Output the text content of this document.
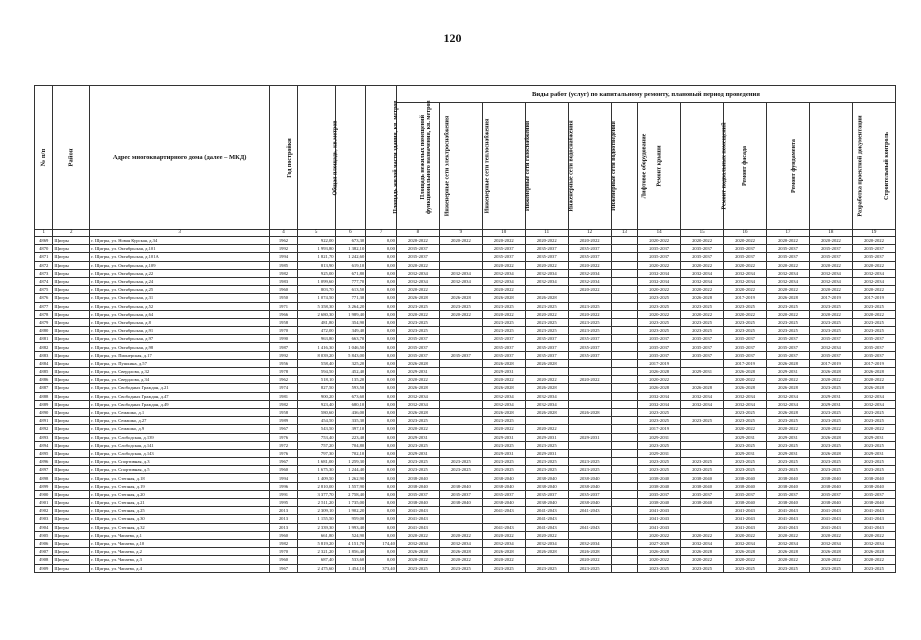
120
№ п/п	Район	Адрес многоквартирного дома (далее – МКД)	Год постройки	Общая площадь, кв.метров	Площадь жилой части здания, кв. метров	Площадь нежилых помещений функционального назначения, кв. метров	Виды работ (услуг) по капитальному ремонту, плановый период проведения											
							Инженерные сети электроснабжения	Инженерные сети теплоснабжения	Инженерные сети газоснабжения	Инженерные сети водоснабжения	Инженерные сети водоотведения	Лифтовое оборудование	Ремонт крыши	Ремонт подвальных помещений	Ремонт фасада	Ремонт фундамента	Разработка проектной документации	Строительный контроль
1	2	3	4	5	6	7	8	9	10	11	12	13	14	15	16	17	18	19
4869	Щигры	г. Щигры, ул. Новая Курская, д.34	1962	922,00	673,30	0,00	2020-2022	2020-2022	2020-2022	2020-2022	2020-2022		2020-2022	2020-2022	2020-2022	2020-2022	2020-2022	2020-2022
4870	Щигры	г. Щигры, ул. Октябрьская, д.101	1992	1 993,80	1 382,10	0,00	2035-2037		2035-2037	2035-2037	2035-2037		2035-2037	2035-2037	2035-2037	2035-2037	2035-2037	2035-2037
4871	Щигры	г. Щигры, ул. Октябрьская, д.101А	1994	1 821,70	1 242,60	0,00	2035-2037		2035-2037	2035-2037	2035-2037		2035-2037	2035-2037	2035-2037	2035-2037	2035-2037	2035-2037
4872	Щигры	г. Щигры, ул. Октябрьская, д.109	1985	813,90	619,10	0,00	2020-2022		2020-2022	2020-2022	2020-2022		2020-2022	2020-2022	2020-2022	2020-2022	2020-2022	2020-2022
4873	Щигры	г. Щигры, ул. Октябрьская, д.22	1982	925,00	671,80	0,00	2032-2034	2032-2034	2032-2034	2032-2034	2032-2034		2032-2034	2032-2034	2032-2034	2032-2034	2032-2034	2032-2034
4874	Щигры	г. Щигры, ул. Октябрьская, д.24	1983	1 099,60	777,70	0,00	2032-2034	2032-2034	2032-2034	2032-2034	2032-2034		2032-2034	2032-2034	2032-2034	2032-2034	2032-2034	2032-2034
4875	Щигры	г. Щигры, ул. Октябрьская, д.25	1960	803,70	613,50	0,00	2020-2022		2020-2022		2020-2022		2020-2022	2020-2022	2020-2022	2020-2022	2020-2022	2020-2022
4876	Щигры	г. Щигры, ул. Октябрьская, д.31	1950	1 074,50	771,30	0,00	2026-2028	2026-2028	2026-2028	2026-2028			2023-2025	2026-2028	2017-2019	2026-2028	2017-2019	2017-2019
4877	Щигры	г. Щигры, ул. Октябрьская, д.52	1971	5 358,30	3 264,20	0,00	2023-2025	2023-2025	2023-2025	2023-2025	2023-2025		2023-2025	2023-2025	2023-2025	2023-2025	2023-2025	2023-2025
4878	Щигры	г. Щигры, ул. Октябрьская, д.64	1966	2 680,30	1 989,40	0,00	2020-2022	2020-2022	2020-2022	2020-2022	2020-2022		2020-2022	2020-2022	2020-2022	2020-2022	2020-2022	2020-2022
4879	Щигры	г. Щигры, ул. Октябрьская, д.8	1958	481,80	354,90	0,00	2023-2025		2023-2025	2023-2025	2023-2025		2023-2025	2023-2025	2023-2025	2023-2025	2023-2025	2023-2025
4880	Щигры	г. Щигры, ул. Октябрьская, д.91	1970	472,00	349,40	0,00	2023-2025		2023-2025	2023-2025	2023-2025		2023-2025	2023-2025	2023-2025	2023-2025	2023-2025	2023-2025
4881	Щигры	г. Щигры, ул. Октябрьская, д.97	1990	963,80	663,70	0,00	2035-2037		2035-2037	2035-2037	2035-2037		2035-2037	2035-2037	2035-2037	2035-2037	2035-2037	2035-2037
4882	Щигры	г. Щигры, ул. Октябрьская, д.98	1987	1 416,30	1 046,50	0,00	2035-2037		2035-2037	2035-2037	2035-2037		2035-2037	2035-2037	2035-2037	2035-2037	2032-2034	2035-2037
4883	Щигры	г. Щигры, ул. Пионерская, д.17	1992	8 039,20	5 843,00	0,00	2035-2037	2035-2037	2035-2037	2035-2037	2035-2037		2035-2037	2035-2037	2035-2037	2035-2037	2035-2037	2035-2037
4884	Щигры	г. Щигры, ул. Пушкина, д.57	1956	558,40	325,20	0,00	2026-2028		2026-2028	2026-2028			2017-2019		2017-2019	2026-2028	2017-2019	2017-2019
4885	Щигры	г. Щигры, ул. Свердлова, д.32	1978	594,50	452,40	0,00	2029-2031		2029-2031				2026-2028	2029-2031	2026-2028	2029-2031	2026-2028	2026-2028
4886	Щигры	г. Щигры, ул. Свердлова, д.34	1962	518,10	135,20	0,00	2020-2022		2020-2022	2020-2022	2020-2022		2020-2022		2020-2022	2020-2022	2020-2022	2020-2022
4887	Щигры	г. Щигры, ул. Свободных Граждан, д.21	1974	827,50	593,50	0,00	2026-2028		2026-2028	2026-2028			2026-2028	2026-2028	2026-2028	2026-2028	2023-2025	2026-2028
4888	Щигры	г. Щигры, ул. Свободных Граждан, д.47	1981	900,20	673,60	0,00	2032-2034		2032-2034	2032-2034			2032-2034	2032-2034	2032-2034	2032-2034	2029-2031	2032-2034
4889	Щигры	г. Щигры, ул. Свободных Граждан, д.49	1982	923,40	680,10	0,00	2032-2034		2032-2034	2032-2034			2032-2034	2032-2034	2032-2034	2032-2034	2029-2031	2032-2034
4890	Щигры	г. Щигры, ул. Семашко, д.1	1958	580,60	436,00	0,00	2026-2028		2026-2028	2026-2028	2026-2028		2023-2025		2023-2025	2026-2028	2023-2025	2023-2025
4891	Щигры	г. Щигры, ул. Семашко, д.27	1989	454,50	335,30	0,00	2023-2025		2023-2025				2023-2025	2023-2025	2023-2025	2023-2025	2023-2025	2023-2025
4892	Щигры	г. Щигры, ул. Семашко, д.9	1967	543,50	397,10	0,00	2020-2022		2020-2022	2020-2022			2017-2019		2020-2022	2020-2022	2020-2022	2020-2022
4893	Щигры	г. Щигры, ул. Слободская, д.139	1976	753,40	223,40	0,00	2029-2031		2029-2031	2029-2031	2029-2031		2029-2031		2029-2031	2029-2031	2026-2028	2029-2031
4894	Щигры	г. Щигры, ул. Слободская, д.141	1972	757,20	704,80	0,00	2023-2025		2023-2025	2023-2025			2023-2025		2023-2025	2023-2025	2023-2025	2023-2025
4895	Щигры	г. Щигры, ул. Слободская, д.143	1976	797,30	702,10	0,00	2029-2031		2029-2031	2029-2031			2029-2031		2029-2031	2029-2031	2026-2028	2029-2031
4896	Щигры	г. Щигры, ул. Спортивная, д.3	1967	1 681,00	1 259,30	0,00	2023-2025	2023-2025	2023-2025	2023-2025	2023-2025		2023-2025	2023-2025	2023-2025	2023-2025	2023-2025	2023-2025
4897	Щигры	г. Щигры, ул. Спортивная, д.5	1960	1 675,30	1 244,40	0,00	2023-2025	2023-2025	2023-2025	2023-2025	2023-2025		2023-2025	2023-2025	2023-2025	2023-2025	2023-2025	2023-2025
4898	Щигры	г. Щигры, ул. Степная, д.18	1994	1 409,50	1 262,90	0,00	2038-2040		2038-2040	2038-2040	2038-2040		2038-2040	2038-2040	2038-2040	2038-2040	2038-2040	2038-2040
4899	Щигры	г. Щигры, ул. Степная, д.19	1996	2 810,00	1 557,90	0,00	2038-2040	2038-2040	2038-2040	2038-2040	2038-2040		2038-2040	2038-2040	2038-2040	2038-2040	2038-2040	2038-2040
4900	Щигры	г. Щигры, ул. Степная, д.20	1991	3 377,70	2 758,40	0,00	2035-2037	2035-2037	2035-2037	2035-2037	2035-2037		2035-2037	2035-2037	2035-2037	2035-2037	2035-2037	2035-2037
4901	Щигры	г. Щигры, ул. Степная, д.21	1995	2 511,20	1 735,00	0,00	2038-2040	2038-2040	2038-2040	2038-2040	2038-2040		2038-2040	2038-2040	2038-2040	2038-2040	2038-2040	2038-2040
4902	Щигры	г. Щигры, ул. Степная, д.25	2013	2 309,10	1 902,20	0,00	2041-2043		2041-2043	2041-2043	2041-2043		2041-2043		2041-2043	2041-2043	2041-2043	2041-2043
4903	Щигры	г. Щигры, ул. Степная, д.30	2013	1 155,50	959,00	0,00	2041-2043			2041-2043			2041-2043		2041-2043	2041-2043	2041-2043	2041-2043
4904	Щигры	г. Щигры, ул. Степная, д.32	2013	2 339,30	1 993,40	0,00	2041-2043		2041-2043	2041-2043	2041-2043		2041-2043		2041-2043	2041-2043	2041-2043	2041-2043
4905	Щигры	г. Щигры, ул. Чапаева, д.1	1960	661,80	524,90	0,00	2020-2022	2020-2022	2020-2022	2020-2022			2020-2022	2020-2022	2020-2022	2020-2022	2020-2022	2020-2022
4906	Щигры	г. Щигры, ул. Чапаева, д.10	1982	5 819,20	4 151,70	174,40	2032-2034	2032-2034	2032-2034	2032-2034	2032-2034		2027-2029	2032-2034	2032-2034	2032-2034	2032-2034	2032-2034
4907	Щигры	г. Щигры, ул. Чапаева, д.2	1970	2 321,20	1 856,40	0,00	2026-2028	2026-2028	2026-2028	2026-2028	2026-2028		2026-2028	2026-2028	2026-2028	2026-2028	2026-2028	2026-2028
4908	Щигры	г. Щигры, ул. Чапаева, д.3	1960	687,40	533,60	0,00	2020-2022	2020-2022	2020-2022		2020-2022		2020-2022	2020-2022	2020-2022	2020-2022	2020-2022	2020-2022
4909	Щигры	г. Щигры, ул. Чапаева, д.4	1967	2 475,60	1 454,10	373,40	2023-2025	2023-2025	2023-2025	2023-2025	2023-2025		2023-2025	2023-2025	2023-2025	2023-2025	2023-2025	2023-2025
